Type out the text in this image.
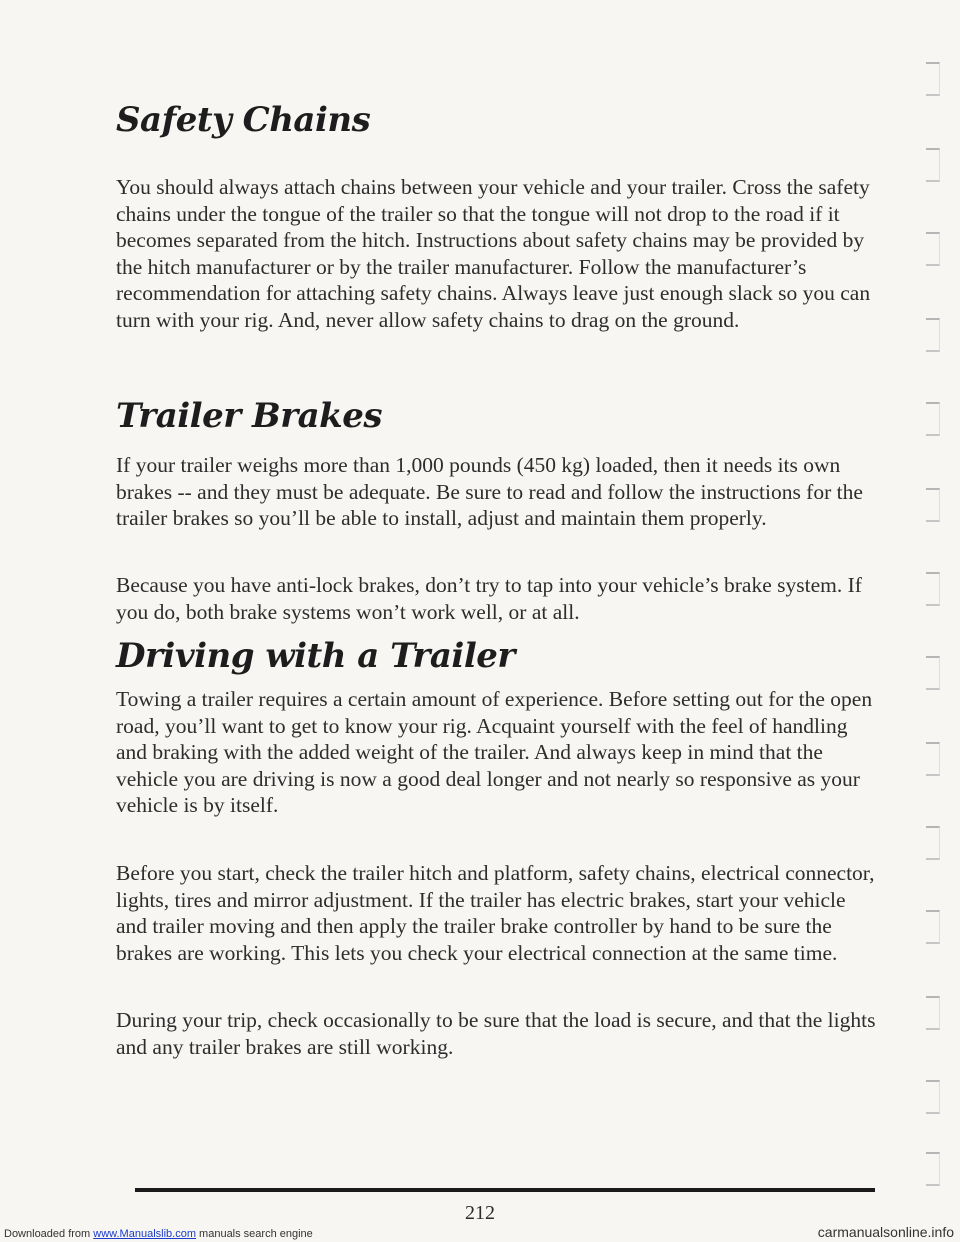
Safety Chains

You should always attach chains between your vehicle and your trailer. Cross the safety chains under the tongue of the trailer so that the tongue will not drop to the road if it becomes separated from the hitch. Instructions about safety chains may be provided by the hitch manufacturer or by the trailer manufacturer. Follow the manufacturer’s recommendation for attaching safety chains. Always leave just enough slack so you can turn with your rig. And, never allow safety chains to drag on the ground.

Trailer Brakes

If your trailer weighs more than 1,000 pounds (450 kg) loaded, then it needs its own brakes -- and they must be adequate. Be sure to read and follow the instructions for the trailer brakes so you’ll be able to install, adjust and maintain them properly.

Because you have anti-lock brakes, don’t try to tap into your vehicle’s brake system. If you do, both brake systems won’t work well, or at all.

Driving with a Trailer

Towing a trailer requires a certain amount of experience. Before setting out for the open road, you’ll want to get to know your rig. Acquaint yourself with the feel of handling and braking with the added weight of the trailer. And always keep in mind that the vehicle you are driving is now a good deal longer and not nearly so responsive as your vehicle is by itself.

Before you start, check the trailer hitch and platform, safety chains, electrical connector, lights, tires and mirror adjustment. If the trailer has electric brakes, start your vehicle and trailer moving and then apply the trailer brake controller by hand to be sure the brakes are working. This lets you check your electrical connection at the same time.

During your trip, check occasionally to be sure that the load is secure, and that the lights and any trailer brakes are still working.

212
Downloaded from www.Manualslib.com manuals search engine	carmanualsonline.info
